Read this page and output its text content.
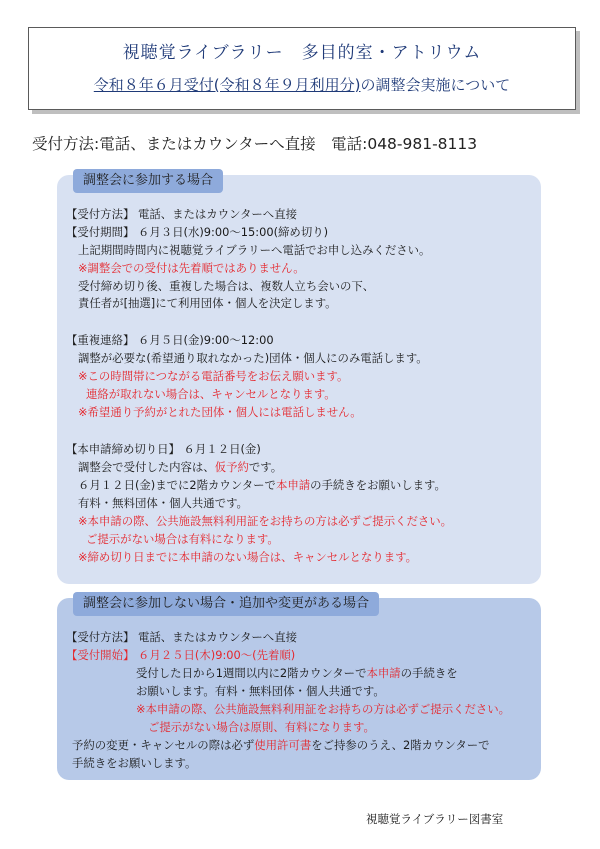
視聴覚ライブラリー　多目的室・アトリウム
令和８年６月受付(令和８年９月利用分)の調整会実施について
受付方法:電話、またはカウンターへ直接　電話:048-981-8113
調整会に参加する場合
【受付方法】 電話、またはカウンターへ直接
【受付期間】 ６月３日(水)9:00～15:00(締め切り)
上記期間時間内に視聴覚ライブラリーへ電話でお申し込みください。
※調整会での受付は先着順ではありません。
受付締め切り後、重複した場合は、複数人立ち会いの下、
責任者が[抽選]にて利用団体・個人を決定します。
【重複連絡】 ６月５日(金)9:00～12:00
調整が必要な(希望通り取れなかった)団体・個人にのみ電話します。
※この時間帯につながる電話番号をお伝え願います。
連絡が取れない場合は、キャンセルとなります。
※希望通り予約がとれた団体・個人には電話しません。
【本申請締め切り日】 ６月１２日(金)
調整会で受付した内容は、仮予約です。
６月１２日(金)までに2階カウンターで本申請の手続きをお願いします。
有料・無料団体・個人共通です。
※本申請の際、公共施設無料利用証をお持ちの方は必ずご提示ください。
ご提示がない場合は有料になります。
※締め切り日までに本申請のない場合は、キャンセルとなります。
調整会に参加しない場合・追加や変更がある場合
【受付方法】 電話、またはカウンターへ直接
【受付開始】 ６月２５日(木)9:00～(先着順)
受付した日から1週間以内に2階カウンターで本申請の手続きを
お願いします。有料・無料団体・個人共通です。
※本申請の際、公共施設無料利用証をお持ちの方は必ずご提示ください。
ご提示がない場合は原則、有料になります。
予約の変更・キャンセルの際は必ず使用許可書をご持参のうえ、2階カウンターで
手続きをお願いします。
視聴覚ライブラリー図書室
